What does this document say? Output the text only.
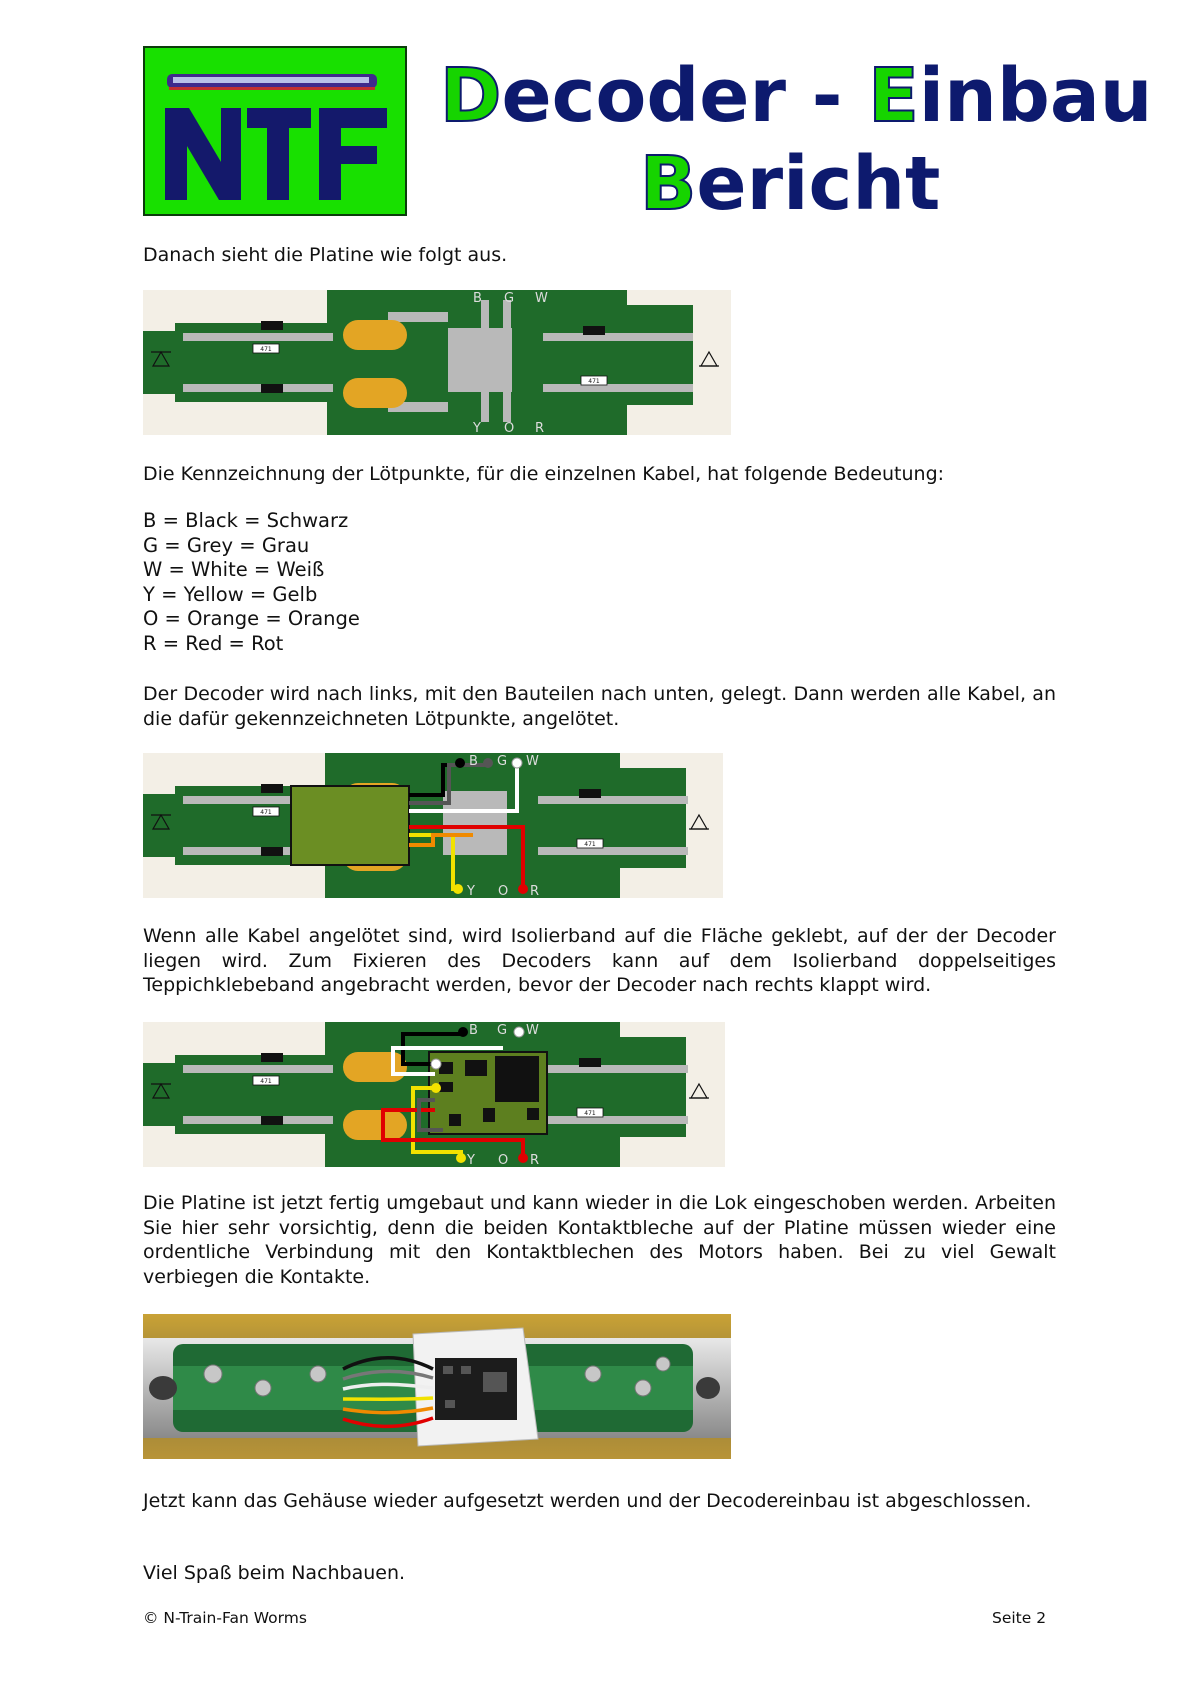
Decoder - Einbau
Bericht
Danach sieht die Platine wie folgt aus.
471
471
B G W
Y O R
Die Kennzeichnung der Lötpunkte, für die einzelnen Kabel, hat folgende Bedeutung:
B = Black = Schwarz
G = Grey = Grau
W = White = Weiß
Y = Yellow = Gelb
O = Orange = Orange
R = Red = Rot
Der Decoder wird nach links, mit den Bauteilen nach unten, gelegt. Dann werden alle Kabel, an die dafür gekennzeichneten Lötpunkte, angelötet.
471
471
B G W
Y O R
Wenn alle Kabel angelötet sind, wird Isolierband auf die Fläche geklebt, auf der der Decoder liegen wird. Zum Fixieren des Decoders kann auf dem Isolierband doppelseitiges Teppichklebeband angebracht werden, bevor der Decoder nach rechts klappt wird.
471
471
B G W
Y O R
Die Platine ist jetzt fertig umgebaut und kann wieder in die Lok eingeschoben werden. Arbeiten Sie hier sehr vorsichtig, denn die beiden Kontaktbleche auf der Platine müssen wieder eine ordentliche Verbindung mit den Kontaktblechen des Motors haben. Bei zu viel Gewalt verbiegen die Kontakte.
Jetzt kann das Gehäuse wieder aufgesetzt werden und der Decodereinbau ist abgeschlossen.
Viel Spaß beim Nachbauen.
© N-Train-Fan Worms	Seite 2
